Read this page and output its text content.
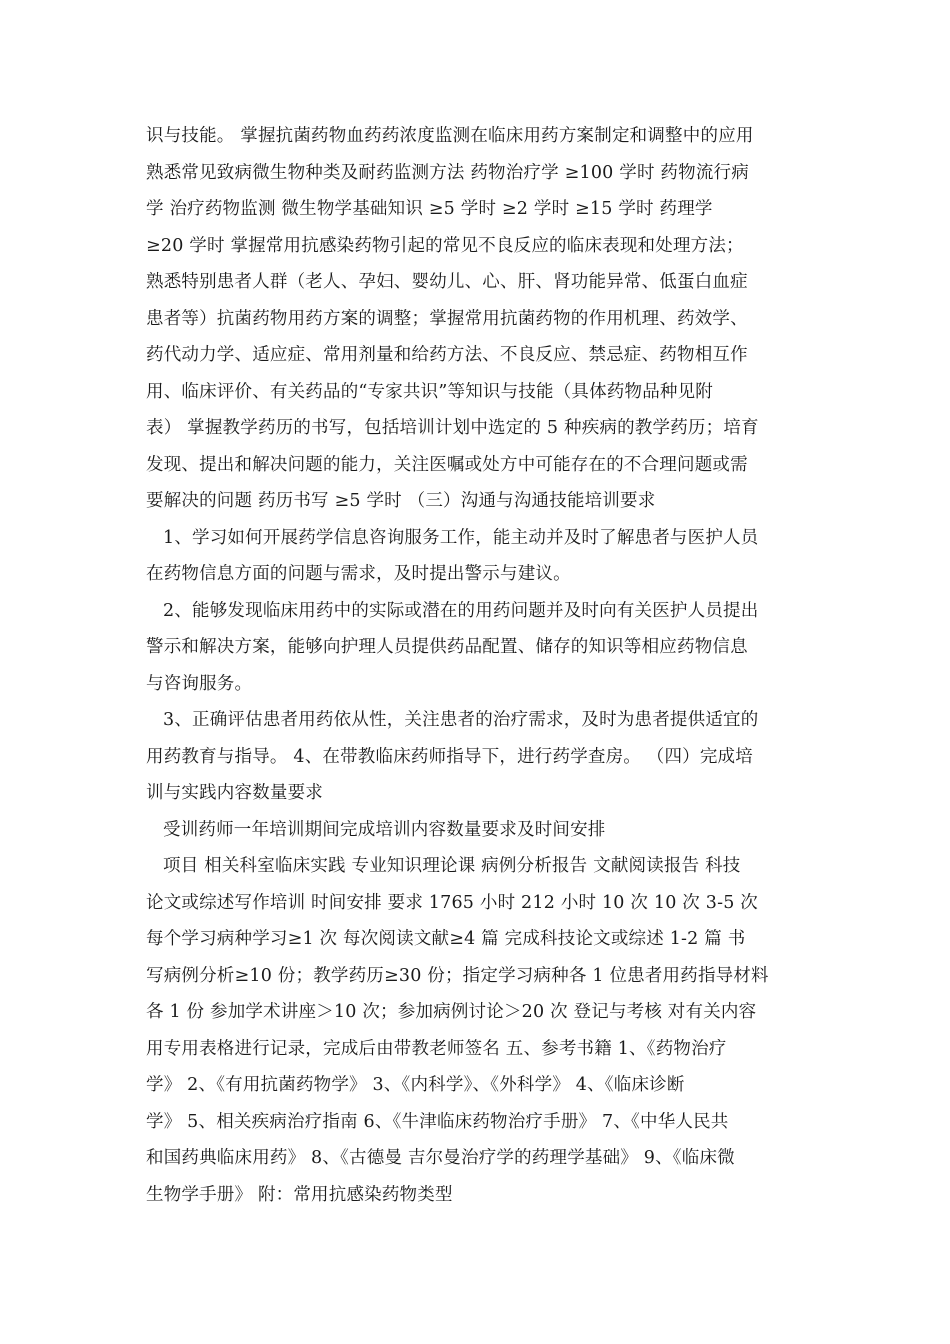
识与技能。 掌握抗菌药物血药药浓度监测在临床用药方案制定和调整中的应用
熟悉常见致病微生物种类及耐药监测方法 药物治疗学 ≥100 学时 药物流行病
学 治疗药物监测 微生物学基础知识 ≥5 学时 ≥2 学时 ≥15 学时 药理学
≥20 学时 掌握常用抗感染药物引起的常见不良反应的临床表现和处理方法；
熟悉特别患者人群（老人、孕妇、婴幼儿、心、肝、肾功能异常、低蛋白血症
患者等）抗菌药物用药方案的调整；掌握常用抗菌药物的作用机理、药效学、
药代动力学、适应症、常用剂量和给药方法、不良反应、禁忌症、药物相互作
用、临床评价、有关药品的“专家共识”等知识与技能（具体药物品种见附
表） 掌握教学药历的书写，包括培训计划中选定的 5 种疾病的教学药历；培育
发现、提出和解决问题的能力，关注医嘱或处方中可能存在的不合理问题或需
要解决的问题 药历书写 ≥5 学时 （三）沟通与沟通技能培训要求
1、学习如何开展药学信息咨询服务工作，能主动并及时了解患者与医护人员
在药物信息方面的问题与需求，及时提出警示与建议。
2、能够发现临床用药中的实际或潜在的用药问题并及时向有关医护人员提出
警示和解决方案，能够向护理人员提供药品配置、储存的知识等相应药物信息
与咨询服务。
3、正确评估患者用药依从性，关注患者的治疗需求，及时为患者提供适宜的
用药教育与指导。 4、在带教临床药师指导下，进行药学查房。 （四）完成培
训与实践内容数量要求
受训药师一年培训期间完成培训内容数量要求及时间安排
项目 相关科室临床实践 专业知识理论课 病例分析报告 文献阅读报告 科技
论文或综述写作培训 时间安排 要求 1765 小时 212 小时 10 次 10 次 3-5 次
每个学习病种学习≥1 次 每次阅读文献≥4 篇 完成科技论文或综述 1-2 篇 书
写病例分析≥10 份；教学药历≥30 份；指定学习病种各 1 位患者用药指导材料
各 1 份 参加学术讲座＞10 次；参加病例讨论＞20 次 登记与考核 对有关内容
用专用表格进行记录，完成后由带教老师签名 五、参考书籍 1、《药物治疗
学》 2、《有用抗菌药物学》 3、《内科学》、《外科学》 4、《临床诊断
学》 5、相关疾病治疗指南 6、《牛津临床药物治疗手册》 7、《中华人民共
和国药典临床用药》 8、《古德曼 吉尔曼治疗学的药理学基础》 9、《临床微
生物学手册》 附：常用抗感染药物类型
